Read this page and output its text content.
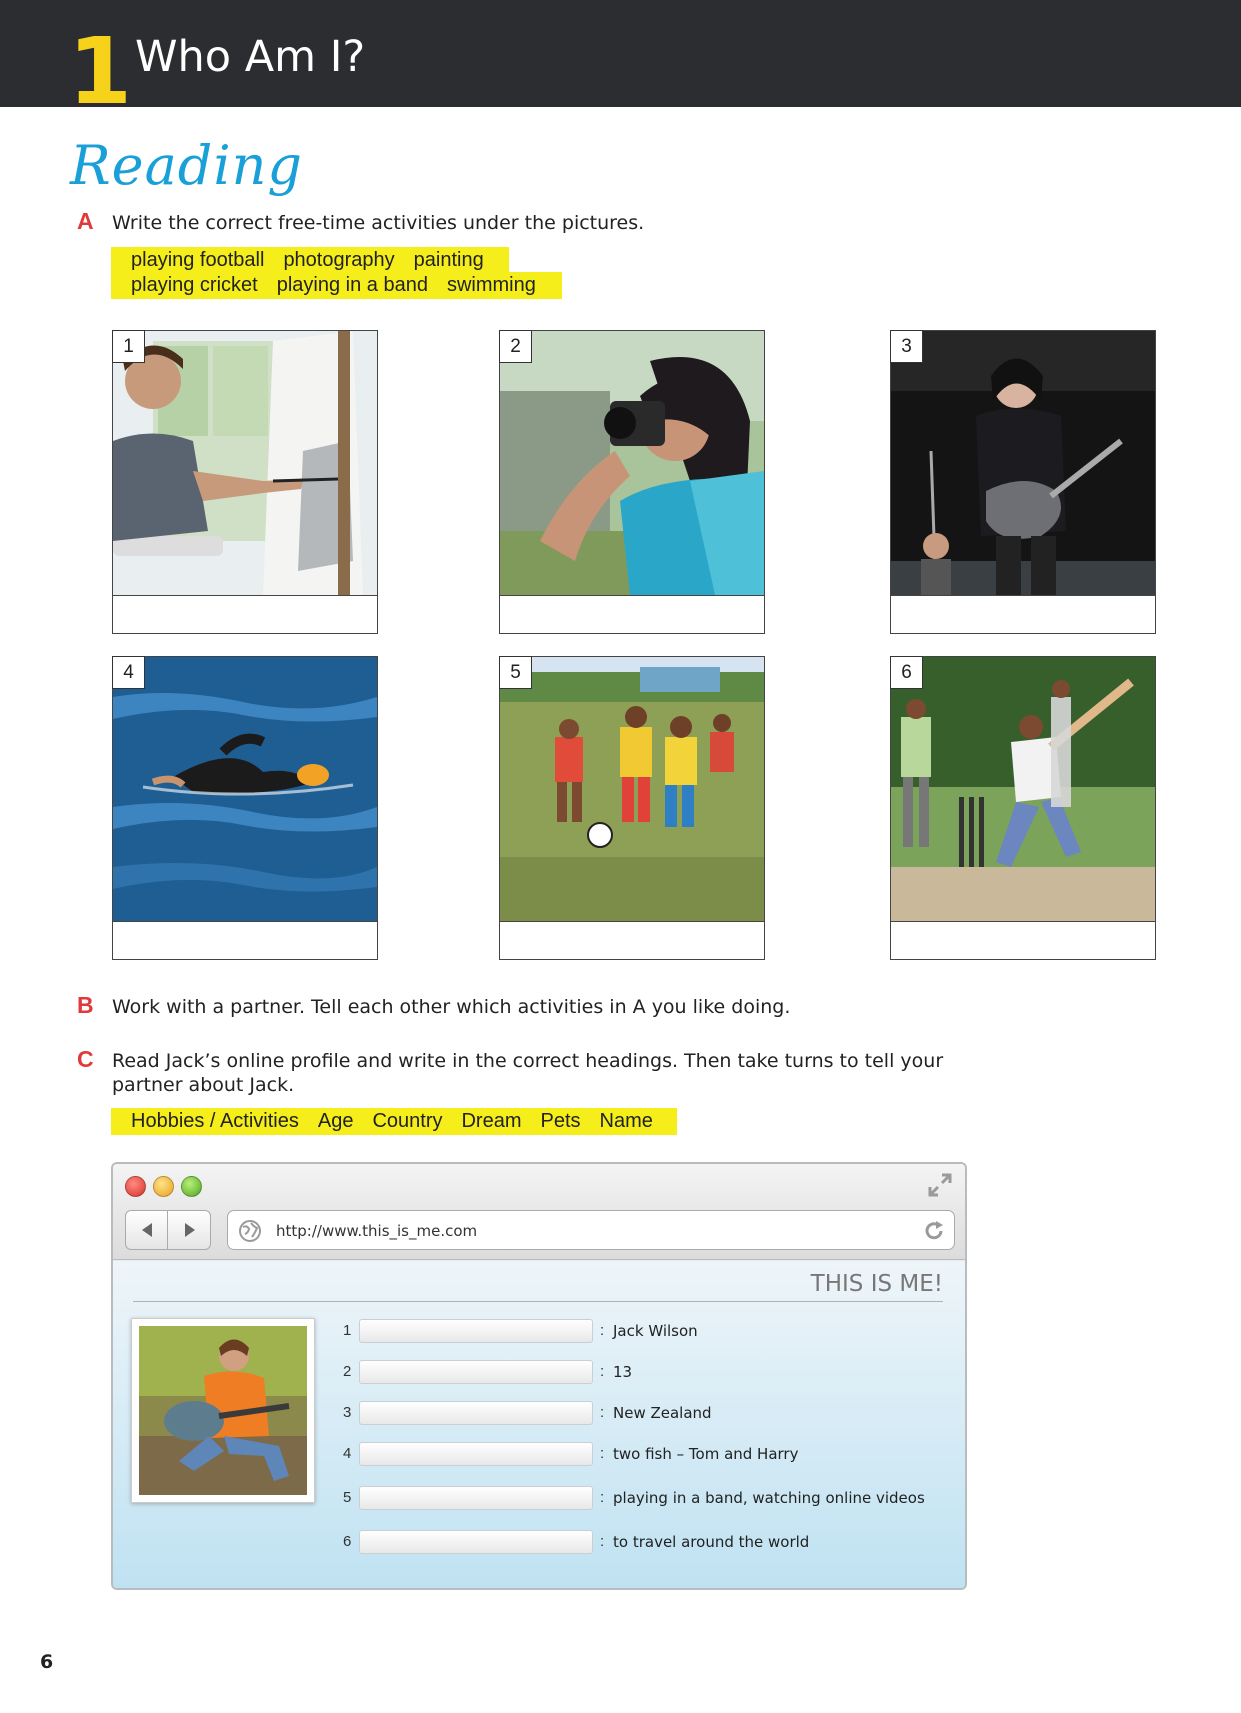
1 Who Am I?
Reading
A Write the correct free-time activities under the pictures.
playing football photography painting
playing cricket playing in a band swimming
1	2	3
4	5	6
B Work with a partner. Tell each other which activities in A you like doing.
C Read Jack’s online profile and write in the correct headings. Then take turns to tell your
partner about Jack.
Hobbies / Activities Age Country Dream Pets Name
http://www.this_is_me.com
THIS IS ME!
1	: Jack Wilson
2	: 13
3	: New Zealand
4	: two fish – Tom and Harry
5	: playing in a band, watching online videos
6	: to travel around the world
6
